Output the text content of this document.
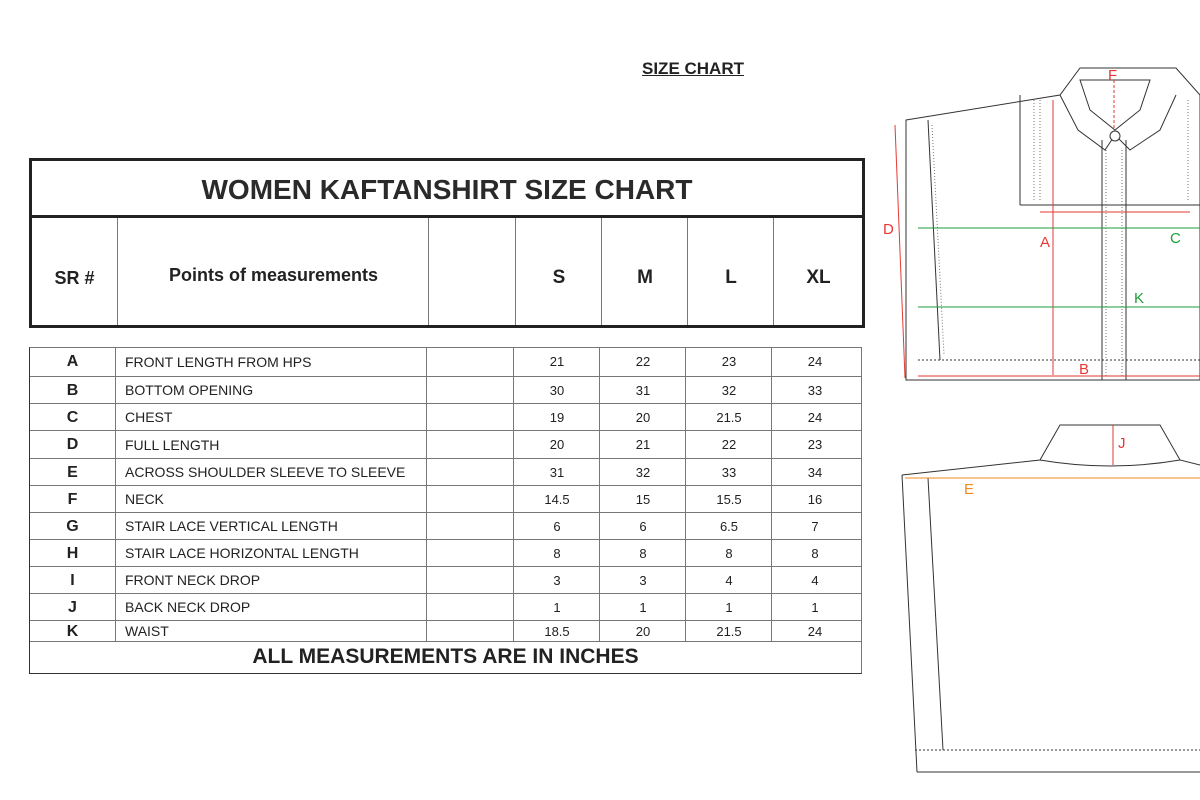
SIZE CHART
WOMEN KAFTANSHIRT SIZE CHART
SR #	Points of measurements	S	M	L	XL
A	FRONT LENGTH FROM HPS	21	22	23	24
B	BOTTOM OPENING	30	31	32	33
C	CHEST	19	20	21.5	24
D	FULL LENGTH	20	21	22	23
E	ACROSS SHOULDER SLEEVE TO SLEEVE	31	32	33	34
F	NECK	14.5	15	15.5	16
G	STAIR LACE VERTICAL LENGTH	6	6	6.5	7
H	STAIR LACE HORIZONTAL LENGTH	8	8	8	8
I	FRONT NECK DROP	3	3	4	4
J	BACK NECK DROP	1	1	1	1
K	WAIST	18.5	20	21.5	24
ALL MEASUREMENTS ARE IN INCHES
D
A	C
K
B
F
J
E
